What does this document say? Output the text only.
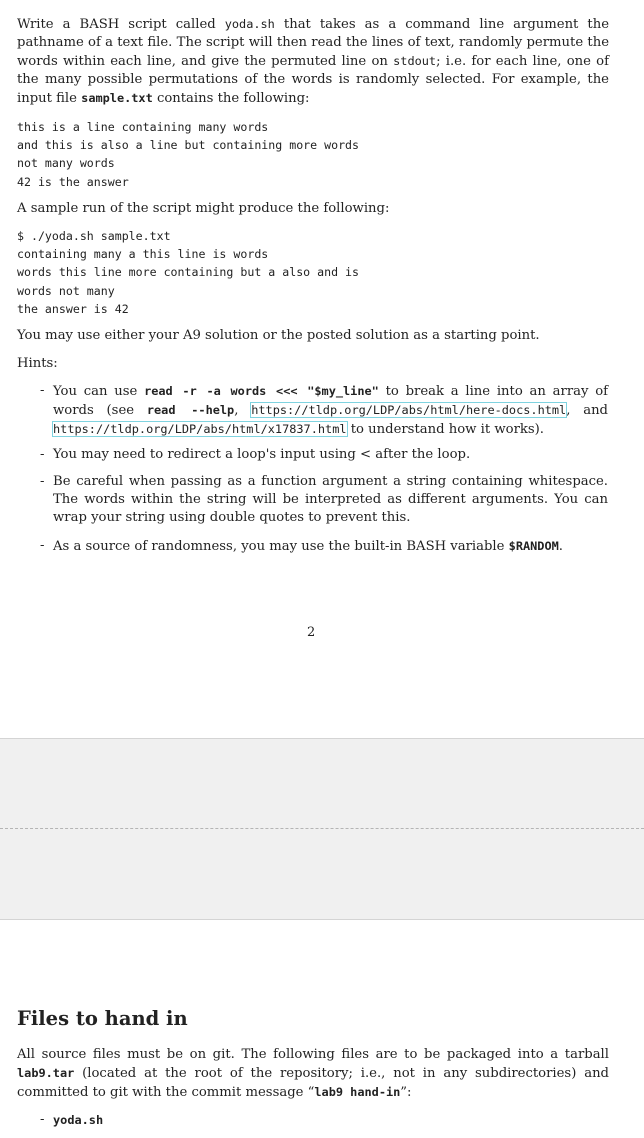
Write a BASH script called yoda.sh that takes as a command line argument the pathname of a text file. The script will then read the lines of text, randomly permute the words within each line, and give the permuted line on stdout; i.e. for each line, one of the many possible permutations of the words is randomly selected. For example, the input file sample.txt contains the following:
this is a line containing many words
and this is also a line but containing more words
not many words
42 is the answer
A sample run of the script might produce the following:
$ ./yoda.sh sample.txt
containing many a this line is words
words this line more containing but a also and is
words not many
the answer is 42
You may use either your A9 solution or the posted solution as a starting point.
Hints:
- You can use read -r -a words <<< "$my_line" to break a line into an array of words (see read --help, https://tldp.org/LDP/abs/html/here-docs.html, and https://tldp.org/LDP/abs/html/x17837.html to understand how it works).
- You may need to redirect a loop's input using < after the loop.
- Be careful when passing as a function argument a string containing whitespace. The words within the string will be interpreted as different arguments. You can wrap your string using double quotes to prevent this.
- As a source of randomness, you may use the built-in BASH variable $RANDOM.
2
Files to hand in
All source files must be on git. The following files are to be packaged into a tarball lab9.tar (located at the root of the repository; i.e., not in any subdirectories) and committed to git with the commit message “lab9 hand-in”:
- yoda.sh
